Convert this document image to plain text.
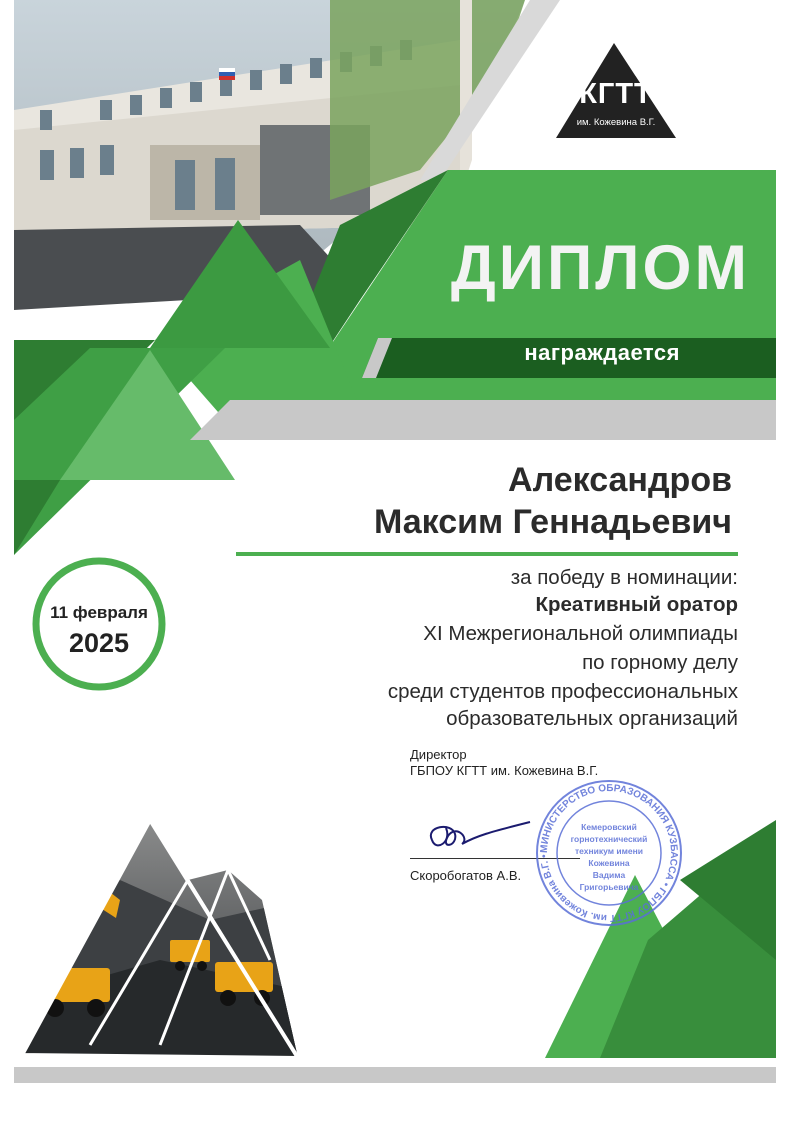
КГТТ
им. Кожевина В.Г.
ДИПЛОМ
награждается
Александров
Максим Геннадьевич
за победу в номинации:
Креативный оратор
XI Межрегиональной олимпиады
по горному делу
среди студентов профессиональных
образовательных организаций
11 февраля
2025
Директор
ГБПОУ КГТТ им. Кожевина В.Г.
Скоробогатов А.В.
МИНИСТЕРСТВО ОБРАЗОВАНИЯ КУЗБАССА • ГБПОУ КГТТ им. Кожевина В.Г. •
Кемеровский
горнотехнический
техникум имени
Кожевина
Вадима
Григорьевича
